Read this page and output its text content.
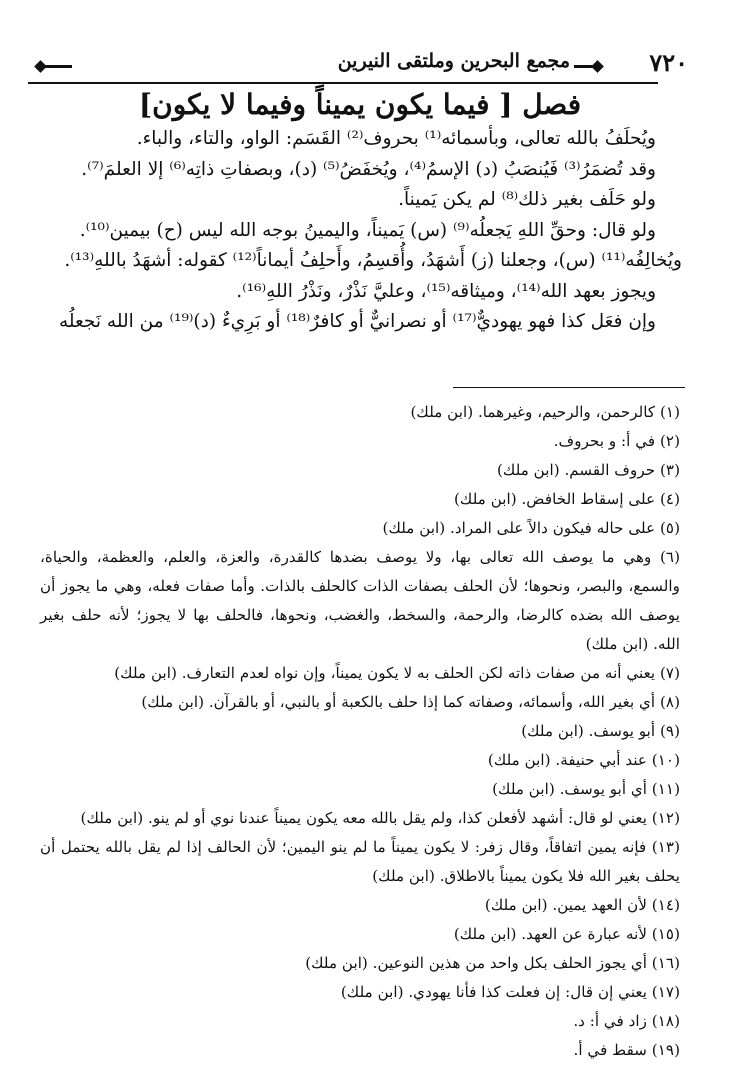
٧٢٠
مجمع البحرين وملتقى النيرين
فصل [ فيما يكون يميناً وفيما لا يكون]

ويُحلَفُ بالله تعالى، وبأسمائه⁽¹⁾ بحروف⁽²⁾ القَسَم: الواو، والتاء، والباء.

وقد تُضمَرُ⁽³⁾ فَيُنصَبُ (د) الإسمُ⁽⁴⁾، ويُخفَضُ⁽⁵⁾ (د)، وبصفاتِ ذاتِه⁽⁶⁾ إلا العلمَ⁽⁷⁾.

ولو حَلَف بغير ذلك⁽⁸⁾ لم يكن يَميناً.

ولو قال: وحقِّ اللهِ يَجعلُه⁽⁹⁾ (س) يَميناً، واليمينُ بوجه الله ليس (ح) بيمين⁽¹⁰⁾.

ويُخالِفُه⁽¹¹⁾ (س)، وجعلنا (ز) أَشهَدُ، وأُقسِمُ، وأَحلِفُ أيماناً⁽¹²⁾ كقوله: أشهَدُ باللهِ⁽¹³⁾.

ويجوز بعهد الله⁽¹⁴⁾، وميثاقه⁽¹⁵⁾، وعليَّ نَذْرٌ، ونَذْرُ اللهِ⁽¹⁶⁾.

وإن فعَل كذا فهو يهوديٌّ⁽¹⁷⁾ أو نصرانيٌّ أو كافرٌ⁽¹⁸⁾ أو بَرِيءٌ (د)⁽¹⁹⁾ من الله نَجعلُه

(١) كالرحمن، والرحيم، وغيرهما. (ابن ملك)

(٢) في أ: و بحروف.

(٣) حروف القسم. (ابن ملك)

(٤) على إسقاط الخافض. (ابن ملك)

(٥) على حاله فيكون دالاً على المراد. (ابن ملك)

(٦) وهي ما يوصف الله تعالى بها، ولا يوصف بضدها كالقدرة، والعزة، والعلم، والعظمة، والحياة، والسمع، والبصر، ونحوها؛ لأن الحلف بصفات الذات كالحلف بالذات. وأما صفات فعله، وهي ما يجوز أن يوصف الله بضده كالرضا، والرحمة، والسخط، والغضب، ونحوها، فالحلف بها لا يجوز؛ لأنه حلف بغير الله. (ابن ملك)

(٧) يعني أنه من صفات ذاته لكن الحلف به لا يكون يميناً، وإن نواه لعدم التعارف. (ابن ملك)

(٨) أي بغير الله، وأسمائه، وصفاته كما إذا حلف بالكعبة أو بالنبي، أو بالقرآن. (ابن ملك)

(٩) أبو يوسف. (ابن ملك)

(١٠) عند أبي حنيفة. (ابن ملك)

(١١) أي أبو يوسف. (ابن ملك)

(١٢) يعني لو قال: أشهد لأفعلن كذا، ولم يقل بالله معه يكون يميناً عندنا نوي أو لم ينو. (ابن ملك)

(١٣) فإنه يمين اتفاقاً، وقال زفر: لا يكون يميناً ما لم ينو اليمين؛ لأن الحالف إذا لم يقل بالله يحتمل أن يحلف بغير الله فلا يكون يميناً بالاطلاق. (ابن ملك)

(١٤) لأن العهد يمين. (ابن ملك)

(١٥) لأنه عبارة عن العهد. (ابن ملك)

(١٦) أي يجوز الحلف بكل واحد من هذين النوعين. (ابن ملك)

(١٧) يعني إن قال: إن فعلت كذا فأنا يهودي. (ابن ملك)

(١٨) زاد في أ: د.

(١٩) سقط في أ.
